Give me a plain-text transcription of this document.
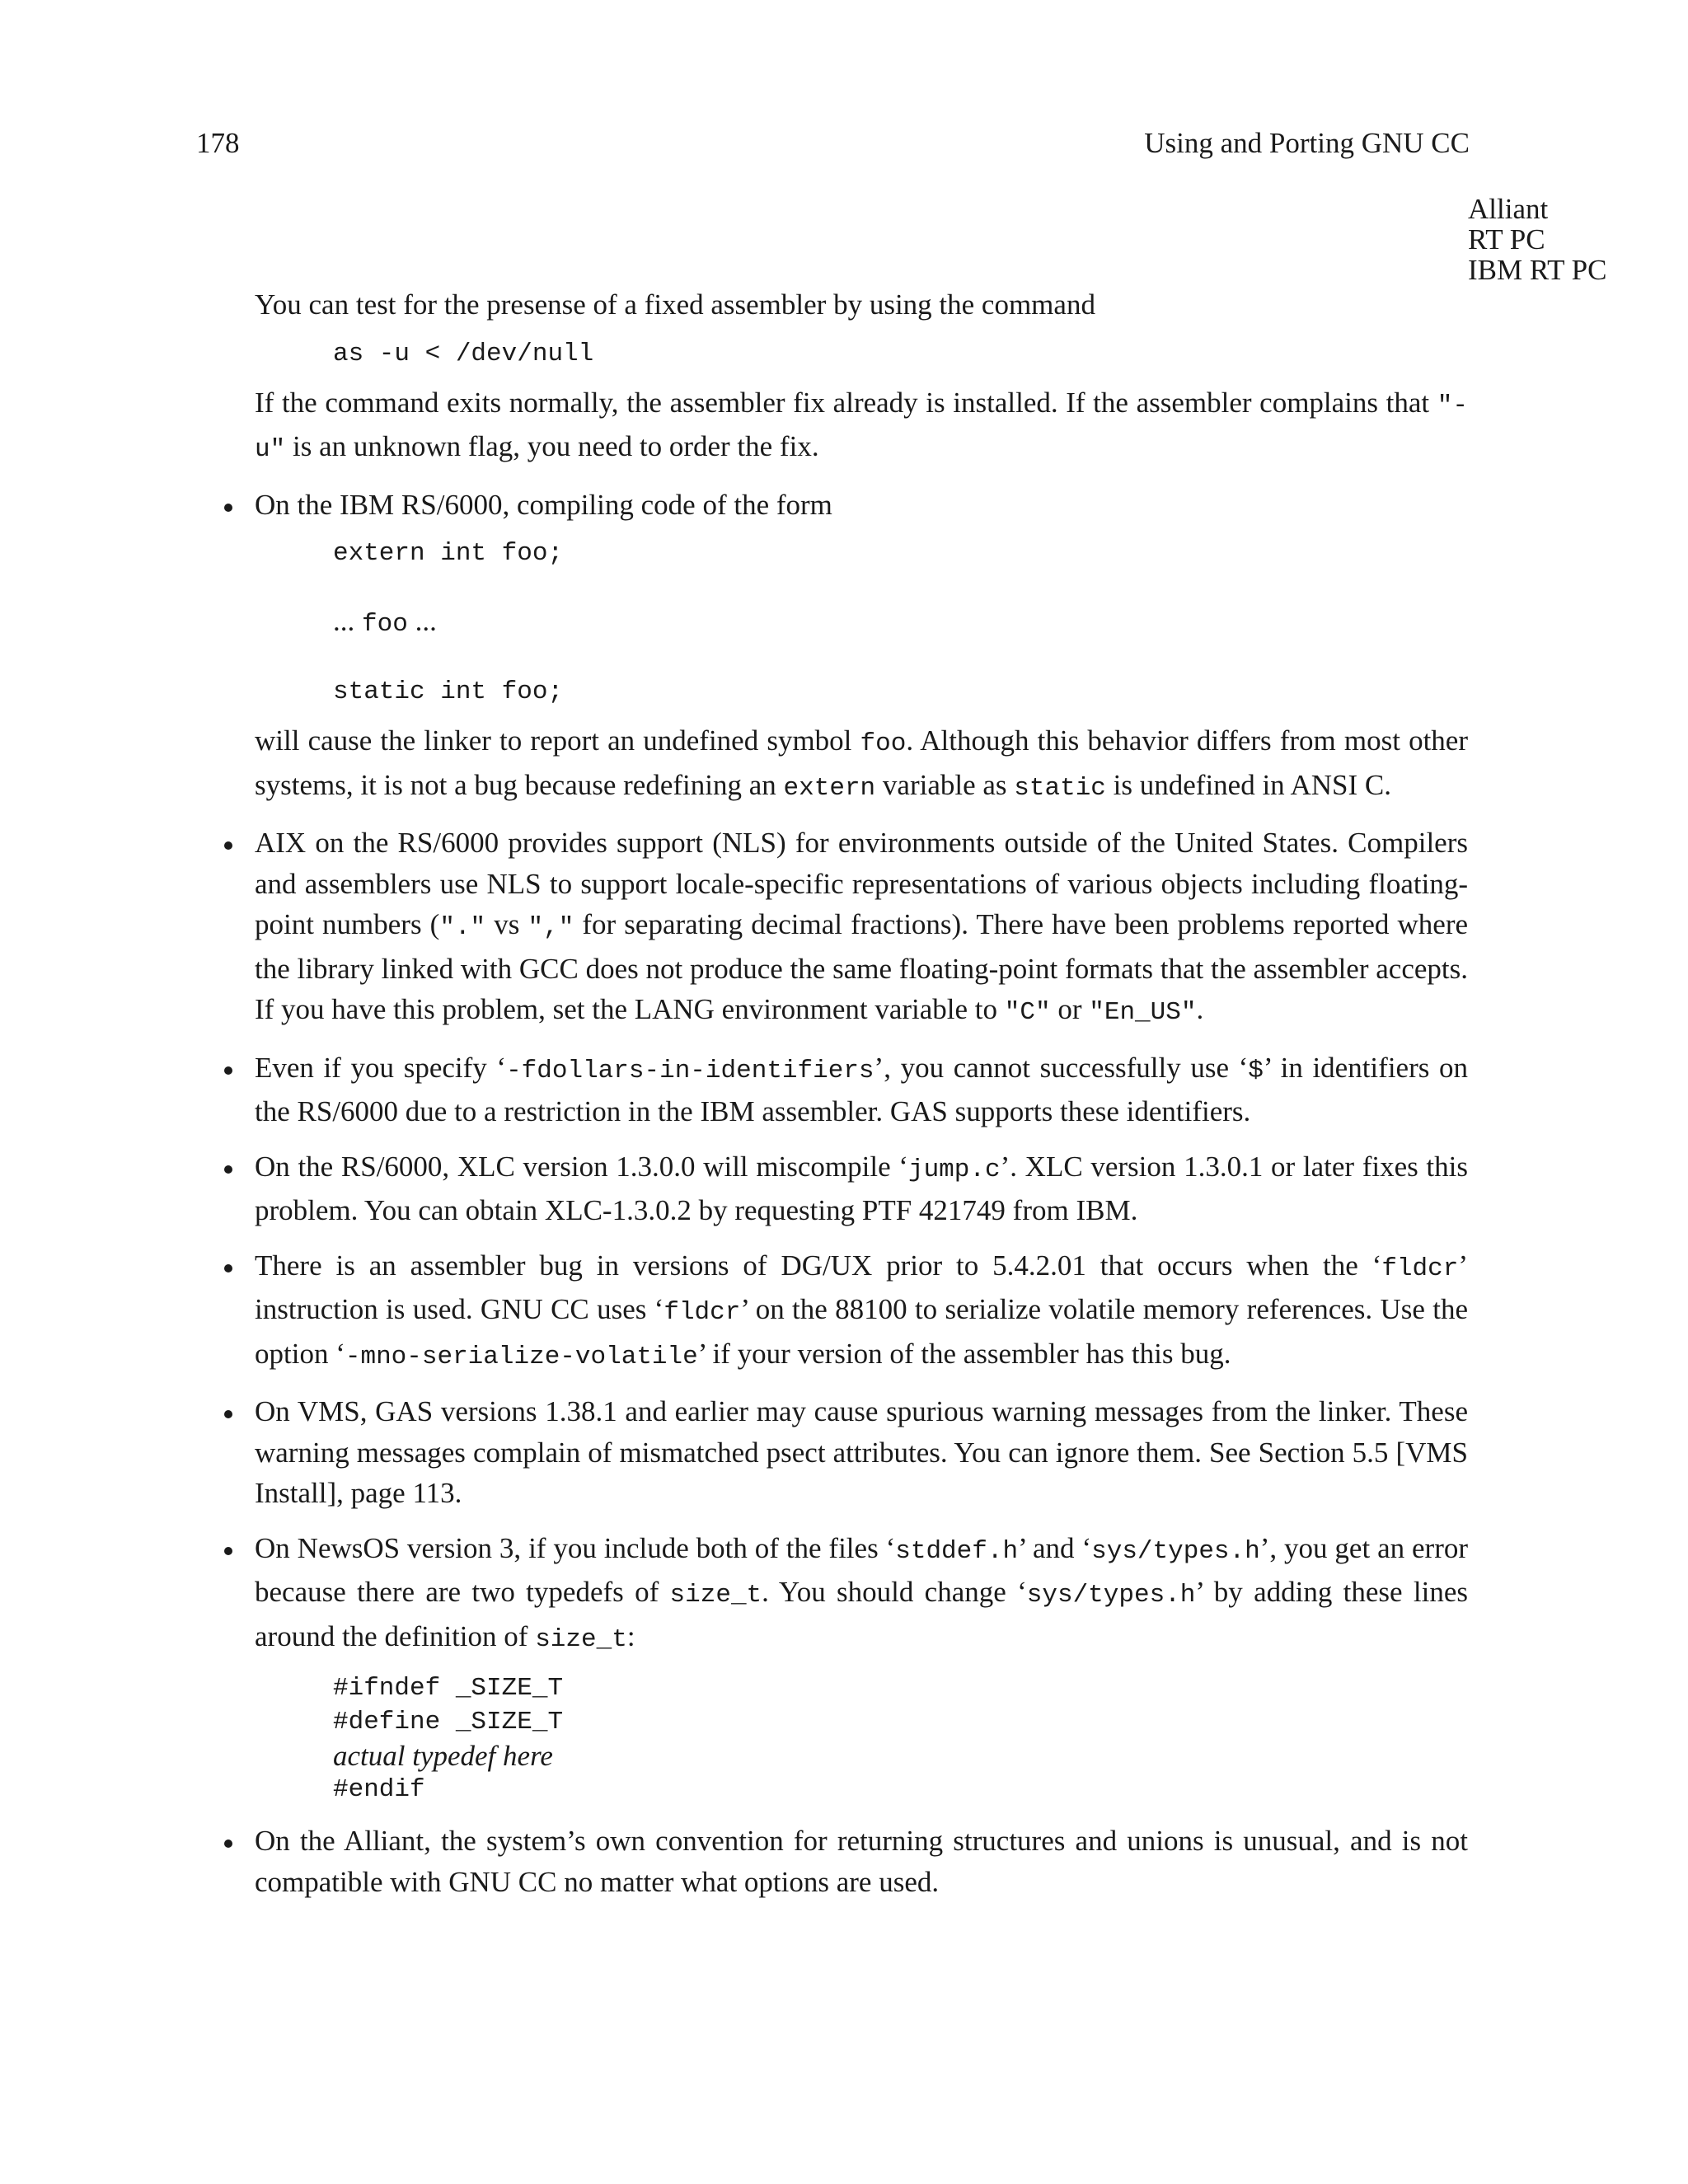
178	Using and Porting GNU CC
Alliant
RT PC
IBM RT PC

You can test for the presense of a fixed assembler by using the command

as -u < /dev/null

If the command exits normally, the assembler fix already is installed. If the assembler complains that "-u" is an unknown flag, you need to order the fix.

On the IBM RS/6000, compiling code of the form

extern int foo;
... foo ...
static int foo;

will cause the linker to report an undefined symbol foo. Although this behavior differs from most other systems, it is not a bug because redefining an extern variable as static is undefined in ANSI C.

AIX on the RS/6000 provides support (NLS) for environments outside of the United States. Compilers and assemblers use NLS to support locale-specific representations of various objects including floating-point numbers ("." vs "," for separating decimal fractions). There have been problems reported where the library linked with GCC does not produce the same floating-point formats that the assembler accepts. If you have this problem, set the LANG environment variable to "C" or "En_US".

Even if you specify ‘-fdollars-in-identifiers’, you cannot successfully use ‘$’ in identifiers on the RS/6000 due to a restriction in the IBM assembler. GAS supports these identifiers.

On the RS/6000, XLC version 1.3.0.0 will miscompile ‘jump.c’. XLC version 1.3.0.1 or later fixes this problem. You can obtain XLC-1.3.0.2 by requesting PTF 421749 from IBM.

There is an assembler bug in versions of DG/UX prior to 5.4.2.01 that occurs when the ‘fldcr’ instruction is used. GNU CC uses ‘fldcr’ on the 88100 to serialize volatile memory references. Use the option ‘-mno-serialize-volatile’ if your version of the assembler has this bug.

On VMS, GAS versions 1.38.1 and earlier may cause spurious warning messages from the linker. These warning messages complain of mismatched psect attributes. You can ignore them. See Section 5.5 [VMS Install], page 113.

On NewsOS version 3, if you include both of the files ‘stddef.h’ and ‘sys/types.h’, you get an error because there are two typedefs of size_t. You should change ‘sys/types.h’ by adding these lines around the definition of size_t:

#ifndef _SIZE_T
#define _SIZE_T
actual typedef here
#endif

On the Alliant, the system’s own convention for returning structures and unions is unusual, and is not compatible with GNU CC no matter what options are used.
